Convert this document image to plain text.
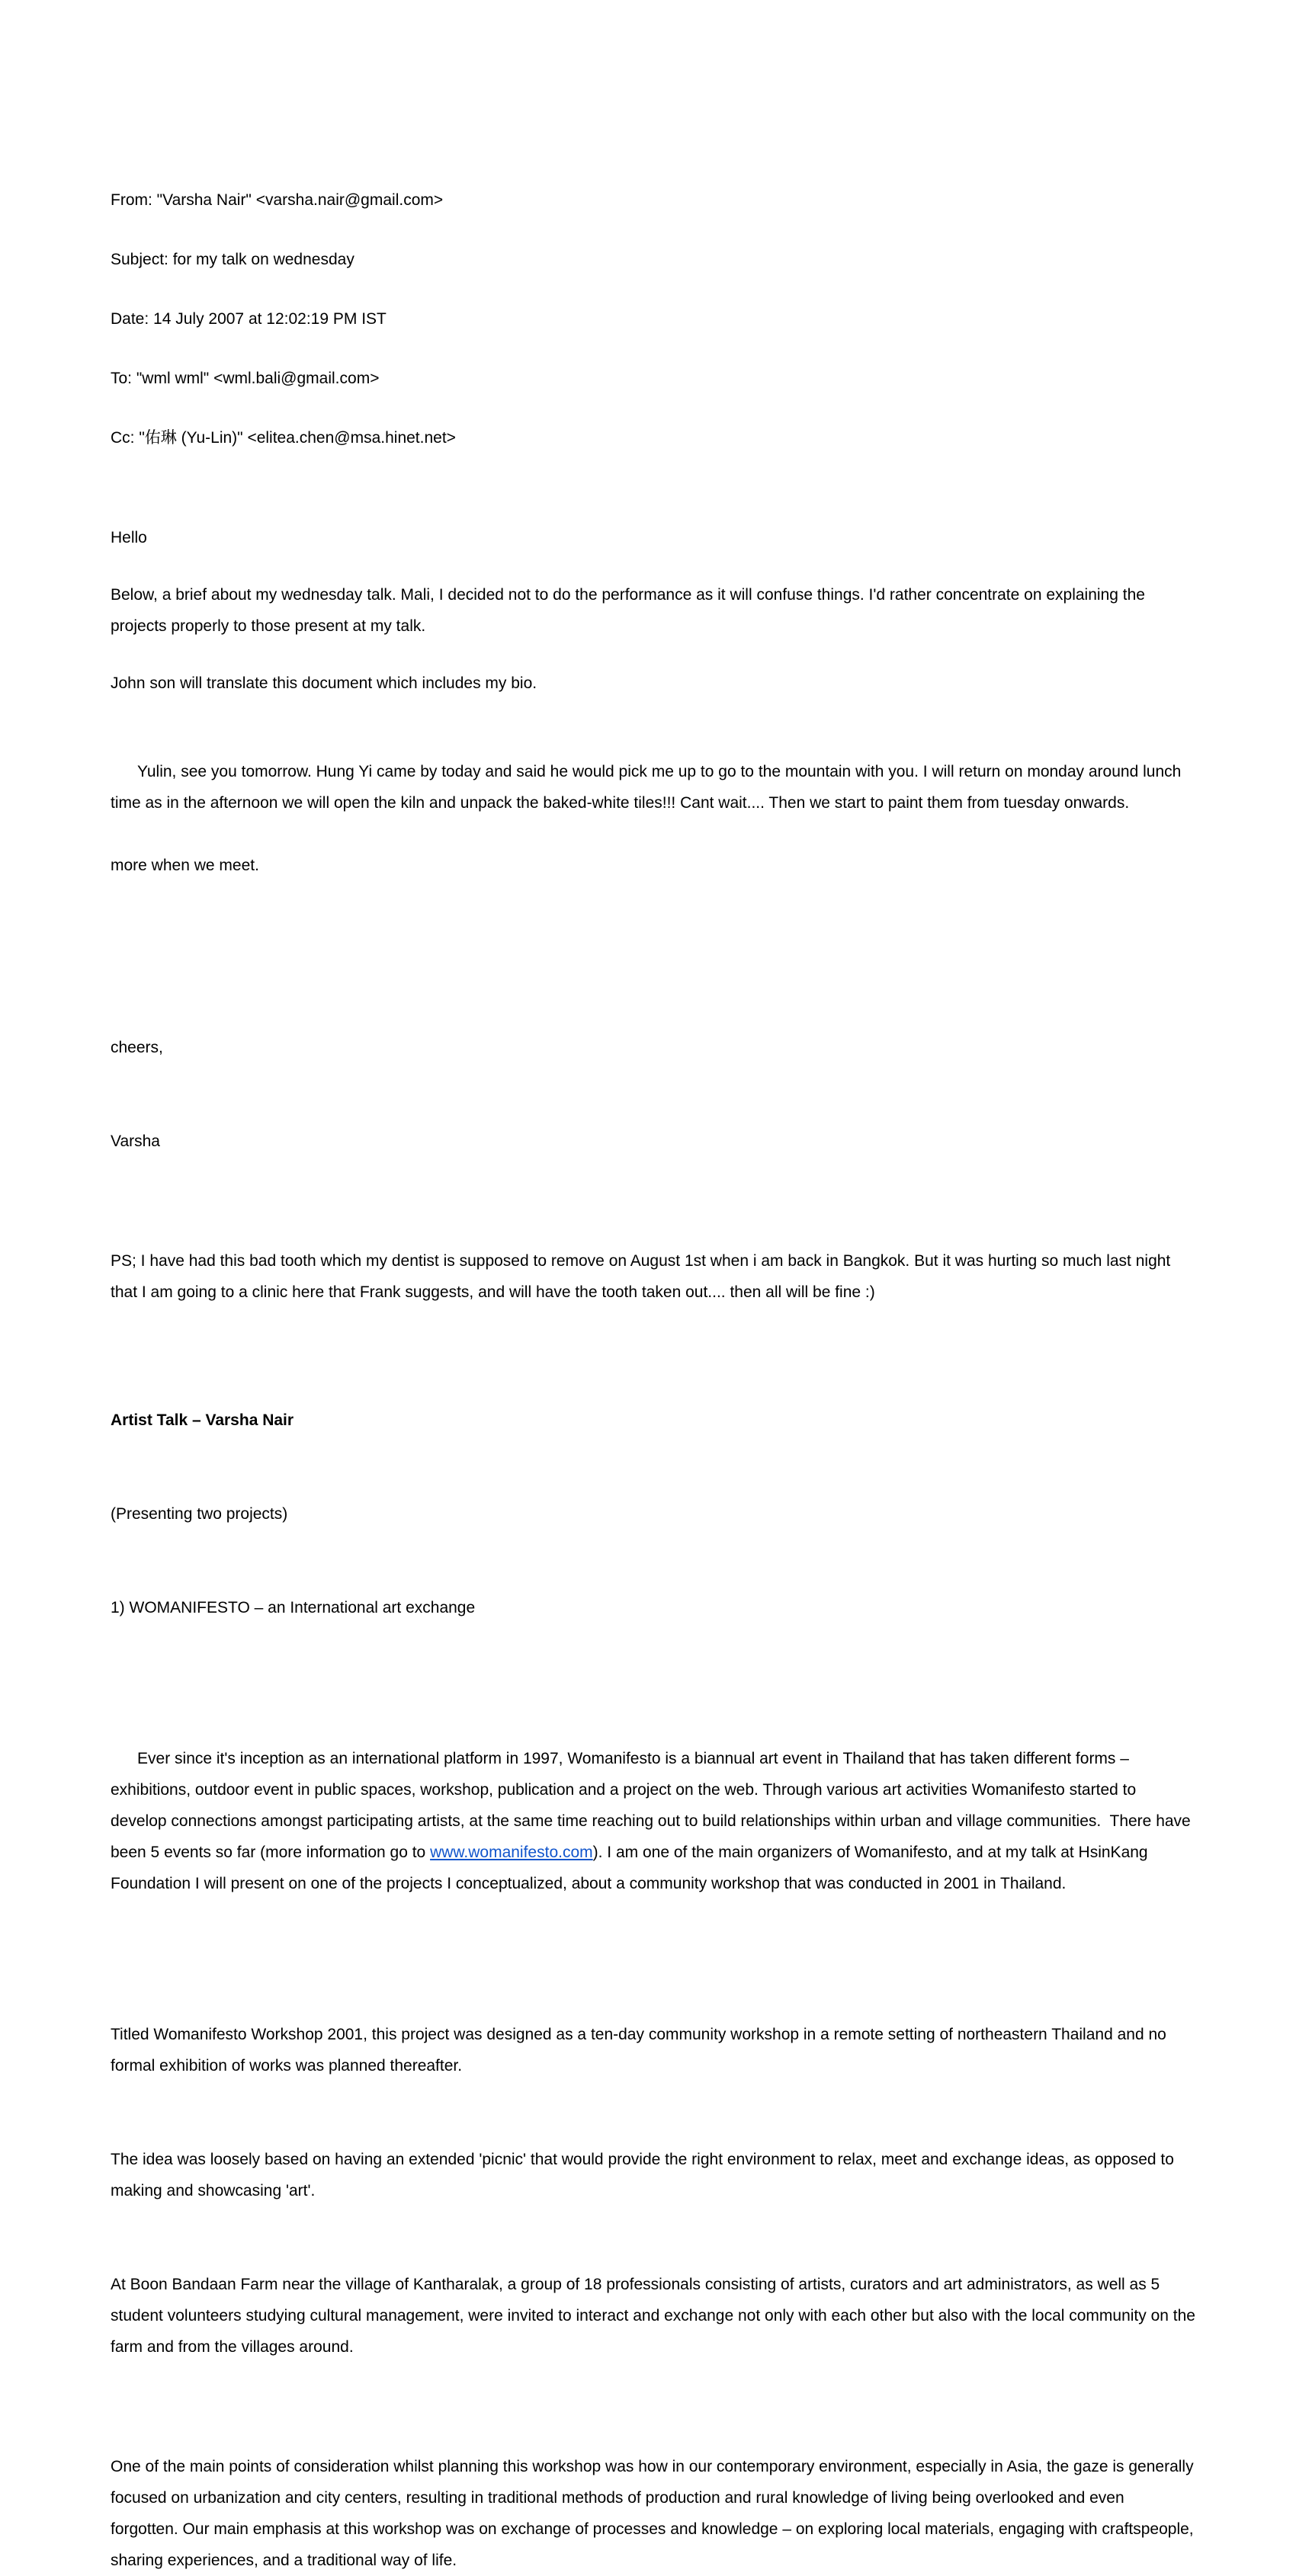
From: "Varsha Nair" <varsha.nair@gmail.com>

Subject: for my talk on wednesday

Date: 14 July 2007 at 12:02:19 PM IST

To: "wml wml" <wml.bali@gmail.com>

Cc: "佑琳 (Yu-Lin)" <elitea.chen@msa.hinet.net>

Hello
Below, a brief about my wednesday talk. Mali, I decided not to do the performance as it will confuse things. I'd rather concentrate on explaining the projects properly to those present at my talk.
John son will translate this document which includes my bio.

Yulin, see you tomorrow. Hung Yi came by today and said he would pick me up to go to the mountain with you. I will return on monday around lunch time as in the afternoon we will open the kiln and unpack the baked-white tiles!!! Cant wait.... Then we start to paint them from tuesday onwards.

more when we meet.

cheers,

Varsha

PS; I have had this bad tooth which my dentist is supposed to remove on August 1st when i am back in Bangkok. But it was hurting so much last night that I am going to a clinic here that Frank suggests, and will have the tooth taken out.... then all will be fine :)

Artist Talk – Varsha Nair

(Presenting two projects)

1) WOMANIFESTO – an International art exchange

Ever since it's inception as an international platform in 1997, Womanifesto is a biannual art event in Thailand that has taken different forms – exhibitions, outdoor event in public spaces, workshop, publication and a project on the web. Through various art activities Womanifesto started to develop connections amongst participating artists, at the same time reaching out to build relationships within urban and village communities.  There have been 5 events so far (more information go to www.womanifesto.com). I am one of the main organizers of Womanifesto, and at my talk at HsinKang Foundation I will present on one of the projects I conceptualized, about a community workshop that was conducted in 2001 in Thailand.

Titled Womanifesto Workshop 2001, this project was designed as a ten-day community workshop in a remote setting of northeastern Thailand and no formal exhibition of works was planned thereafter.

The idea was loosely based on having an extended 'picnic' that would provide the right environment to relax, meet and exchange ideas, as opposed to making and showcasing 'art'.

At Boon Bandaan Farm near the village of Kantharalak, a group of 18 professionals consisting of artists, curators and art administrators, as well as 5 student volunteers studying cultural management, were invited to interact and exchange not only with each other but also with the local community on the farm and from the villages around.

One of the main points of consideration whilst planning this workshop was how in our contemporary environment, especially in Asia, the gaze is generally focused on urbanization and city centers, resulting in traditional methods of production and rural knowledge of living being overlooked and even forgotten. Our main emphasis at this workshop was on exchange of processes and knowledge – on exploring local materials, engaging with craftspeople, sharing experiences, and a traditional way of life.
